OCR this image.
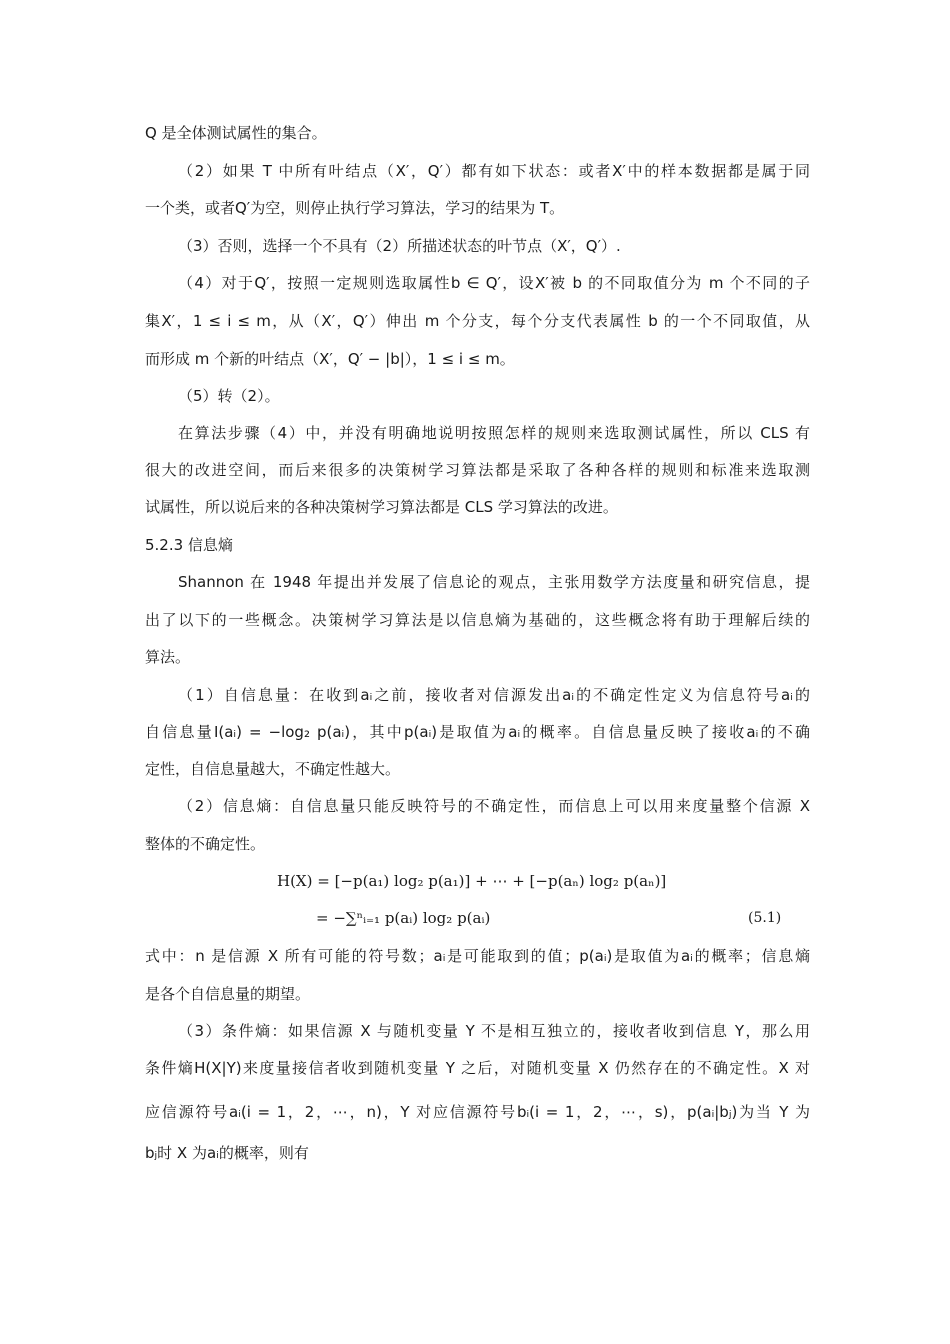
Q 是全体测试属性的集合。
（2）如果 T 中所有叶结点（X′，Q′）都有如下状态：或者X′中的样本数据都是属于同
一个类，或者Q′为空，则停止执行学习算法，学习的结果为 T。
（3）否则，选择一个不具有（2）所描述状态的叶节点（X′，Q′）.
（4）对于Q′，按照一定规则选取属性b ∈ Q′，设X′被 b 的不同取值分为 m 个不同的子
集X′，1 ≤ i ≤ m，从（X′，Q′）伸出 m 个分支，每个分支代表属性 b 的一个不同取值，从
而形成 m 个新的叶结点（X′，Q′ − |b|），1 ≤ i ≤ m。
（5）转（2）。
在算法步骤（4）中，并没有明确地说明按照怎样的规则来选取测试属性，所以 CLS 有
很大的改进空间，而后来很多的决策树学习算法都是采取了各种各样的规则和标准来选取测
试属性，所以说后来的各种决策树学习算法都是 CLS 学习算法的改进。
5.2.3 信息熵
Shannon 在 1948 年提出并发展了信息论的观点，主张用数学方法度量和研究信息，提
出了以下的一些概念。决策树学习算法是以信息熵为基础的，这些概念将有助于理解后续的
算法。
（1）自信息量：在收到aᵢ之前，接收者对信源发出aᵢ的不确定性定义为信息符号aᵢ的
自信息量I(aᵢ) = −log₂ p(aᵢ)，其中p(aᵢ)是取值为aᵢ的概率。自信息量反映了接收aᵢ的不确
定性，自信息量越大，不确定性越大。
（2）信息熵：自信息量只能反映符号的不确定性，而信息上可以用来度量整个信源 X
整体的不确定性。
H(X) = [−p(a₁) log₂ p(a₁)] + ⋯ + [−p(aₙ) log₂ p(aₙ)]
= −∑ⁿᵢ₌₁ p(aᵢ) log₂ p(aᵢ)	(5.1)
式中：n 是信源 X 所有可能的符号数；aᵢ是可能取到的值；p(aᵢ)是取值为aᵢ的概率；信息熵
是各个自信息量的期望。
（3）条件熵：如果信源 X 与随机变量 Y 不是相互独立的，接收者收到信息 Y，那么用
条件熵H(X|Y)来度量接信者收到随机变量 Y 之后，对随机变量 X 仍然存在的不确定性。X 对
应信源符号aᵢ(i = 1，2，⋯，n)，Y 对应信源符号bᵢ(i = 1，2，⋯，s)，p(aᵢ|bⱼ)为当 Y 为
bⱼ时 X 为aᵢ的概率，则有
